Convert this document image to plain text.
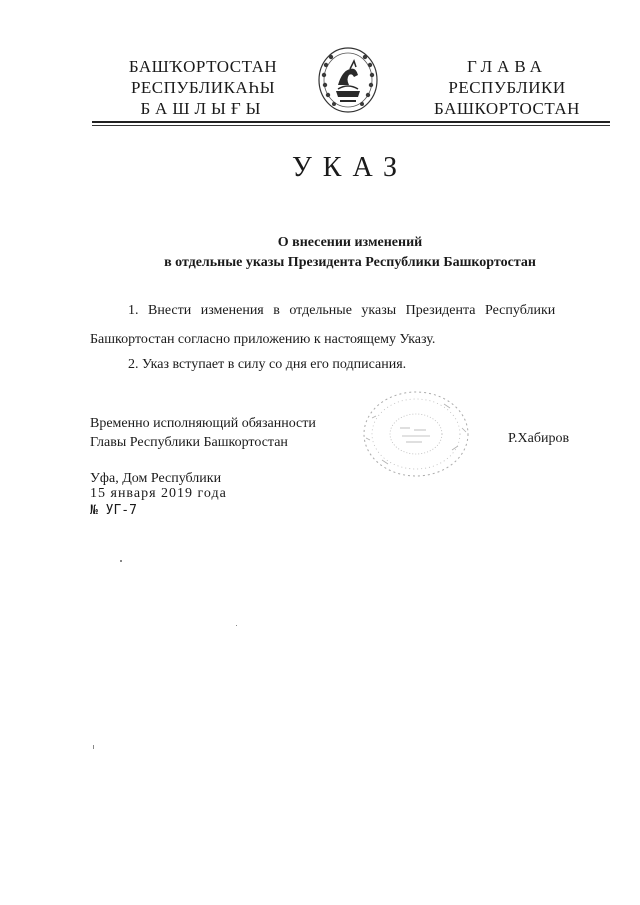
БАШҠОРТОСТАН
РЕСПУБЛИКАҺЫ
БАШЛЫҒЫ
ГЛАВА
РЕСПУБЛИКИ
БАШКОРТОСТАН
УКАЗ
О внесении изменений
в отдельные указы Президента Республики Башкортостан
1. Внести изменения в отдельные указы Президента Республики
Башкортостан согласно приложению к настоящему Указу.
2. Указ вступает в силу со дня его подписания.
Временно исполняющий обязанности
Главы Республики Башкортостан	Р.Хабиров
Уфа, Дом Республики
15 января 2019 года
№ УГ-7
